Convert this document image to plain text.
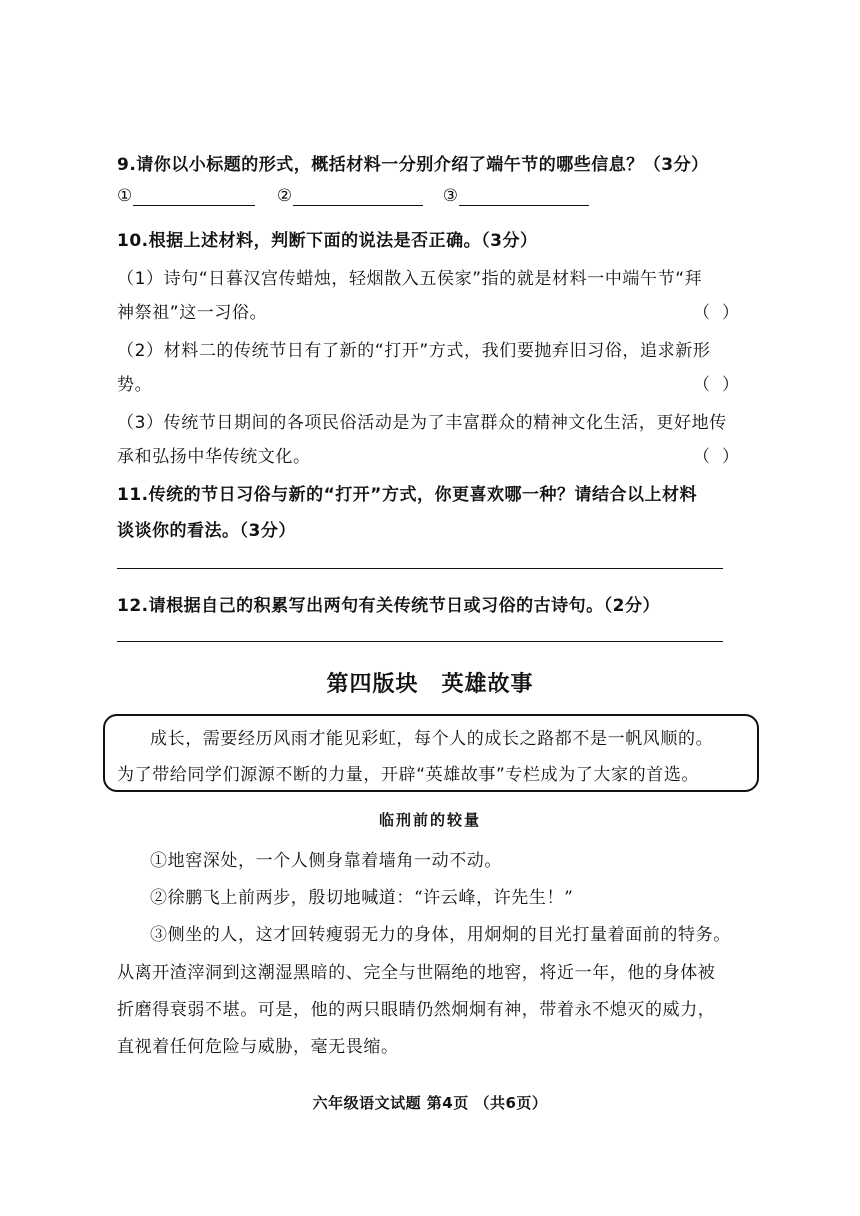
9.请你以小标题的形式，概括材料一分别介绍了端午节的哪些信息？（3分）
①	②	③
10.根据上述材料，判断下面的说法是否正确。（3分）
（1）诗句“日暮汉宫传蜡烛，轻烟散入五侯家”指的就是材料一中端午节“拜
神祭祖”这一习俗。	（ ）
（2）材料二的传统节日有了新的“打开”方式，我们要抛弃旧习俗，追求新形
势。	（ ）
（3）传统节日期间的各项民俗活动是为了丰富群众的精神文化生活，更好地传
承和弘扬中华传统文化。	（ ）
11.传统的节日习俗与新的“打开”方式，你更喜欢哪一种？请结合以上材料
谈谈你的看法。（3分）
12.请根据自己的积累写出两句有关传统节日或习俗的古诗句。（2分）
第四版块　英雄故事
成长，需要经历风雨才能见彩虹，每个人的成长之路都不是一帆风顺的。
为了带给同学们源源不断的力量，开辟“英雄故事”专栏成为了大家的首选。
临刑前的较量
①地窖深处，一个人侧身靠着墙角一动不动。
②徐鹏飞上前两步，殷切地喊道：“许云峰，许先生！”
③侧坐的人，这才回转瘦弱无力的身体，用炯炯的目光打量着面前的特务。
从离开渣滓洞到这潮湿黑暗的、完全与世隔绝的地窖，将近一年，他的身体被
折磨得衰弱不堪。可是，他的两只眼睛仍然炯炯有神，带着永不熄灭的威力，
直视着任何危险与威胁，毫无畏缩。
六年级语文试题 第4页 （共6页）
